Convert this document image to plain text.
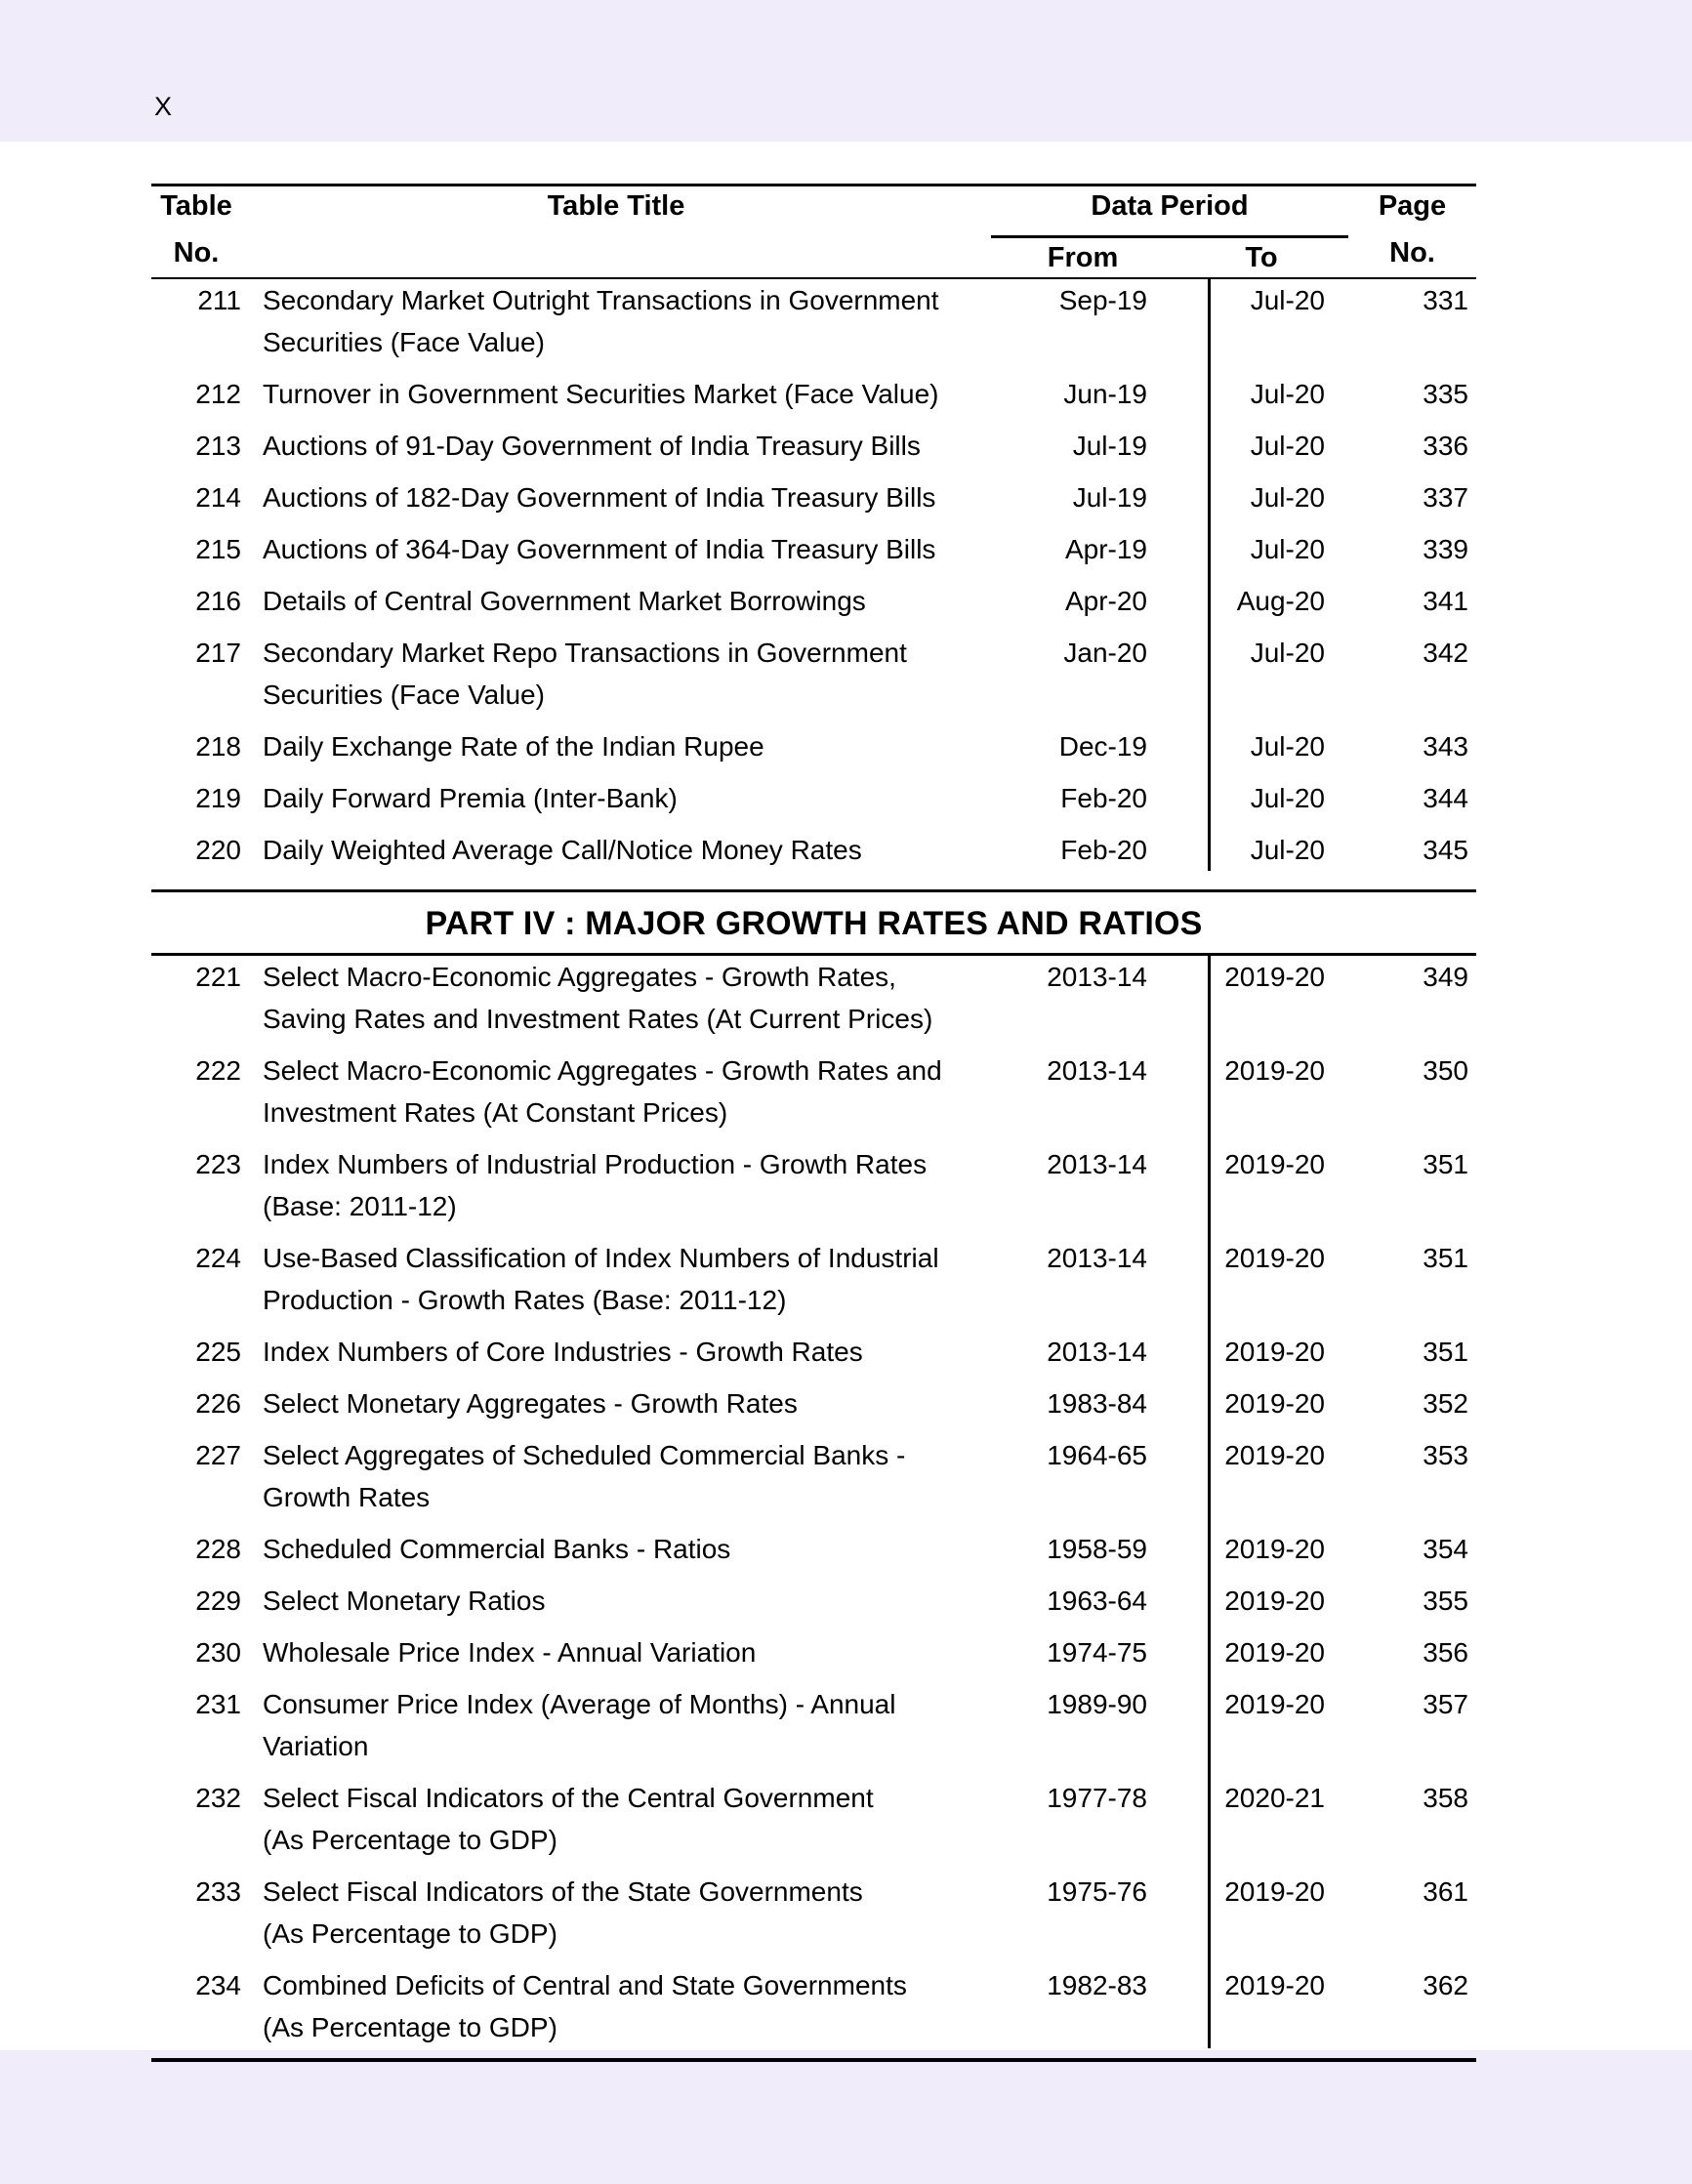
X
Table	Table Title	Data Period	Page
No.	From	To	No.
211 Secondary Market Outright Transactions in Government
Securities (Face Value)
Sep-19	Jul-20	331
212 Turnover in Government Securities Market (Face Value)	Jun-19	Jul-20	335
213 Auctions of 91-Day Government of India Treasury Bills	Jul-19	Jul-20	336
214 Auctions of 182-Day Government of India Treasury Bills	Jul-19	Jul-20	337
215 Auctions of 364-Day Government of India Treasury Bills	Apr-19	Jul-20	339
216 Details of Central Government Market Borrowings	Apr-20	Aug-20	341
217 Secondary Market Repo Transactions in Government
Securities (Face Value)
Jan-20	Jul-20	342
218 Daily Exchange Rate of the Indian Rupee	Dec-19	Jul-20	343
219 Daily Forward Premia (Inter-Bank)	Feb-20	Jul-20	344
220 Daily Weighted Average Call/Notice Money Rates	Feb-20	Jul-20	345
PART IV : MAJOR GROWTH RATES AND RATIOS
221 Select Macro-Economic Aggregates - Growth Rates,
Saving Rates and Investment Rates (At Current Prices)
2013-14	2019-20	349
222 Select Macro-Economic Aggregates - Growth Rates and
Investment Rates (At Constant Prices)
2013-14	2019-20	350
223 Index Numbers of Industrial Production - Growth Rates
(Base: 2011-12)
2013-14	2019-20	351
224 Use-Based Classification of Index Numbers of Industrial
Production - Growth Rates (Base: 2011-12)
2013-14	2019-20	351
225 Index Numbers of Core Industries - Growth Rates	2013-14	2019-20	351
226 Select Monetary Aggregates - Growth Rates	1983-84	2019-20	352
227 Select Aggregates of Scheduled Commercial Banks -
Growth Rates
1964-65	2019-20	353
228 Scheduled Commercial Banks - Ratios	1958-59	2019-20	354
229 Select Monetary Ratios	1963-64	2019-20	355
230 Wholesale Price Index - Annual Variation	1974-75	2019-20	356
231 Consumer Price Index (Average of Months) - Annual
Variation
1989-90	2019-20	357
232 Select Fiscal Indicators of the Central Government
(As Percentage to GDP)
1977-78	2020-21	358
233 Select Fiscal Indicators of the State Governments
(As Percentage to GDP)
1975-76	2019-20	361
234 Combined Deficits of Central and State Governments
(As Percentage to GDP)
1982-83	2019-20	362
